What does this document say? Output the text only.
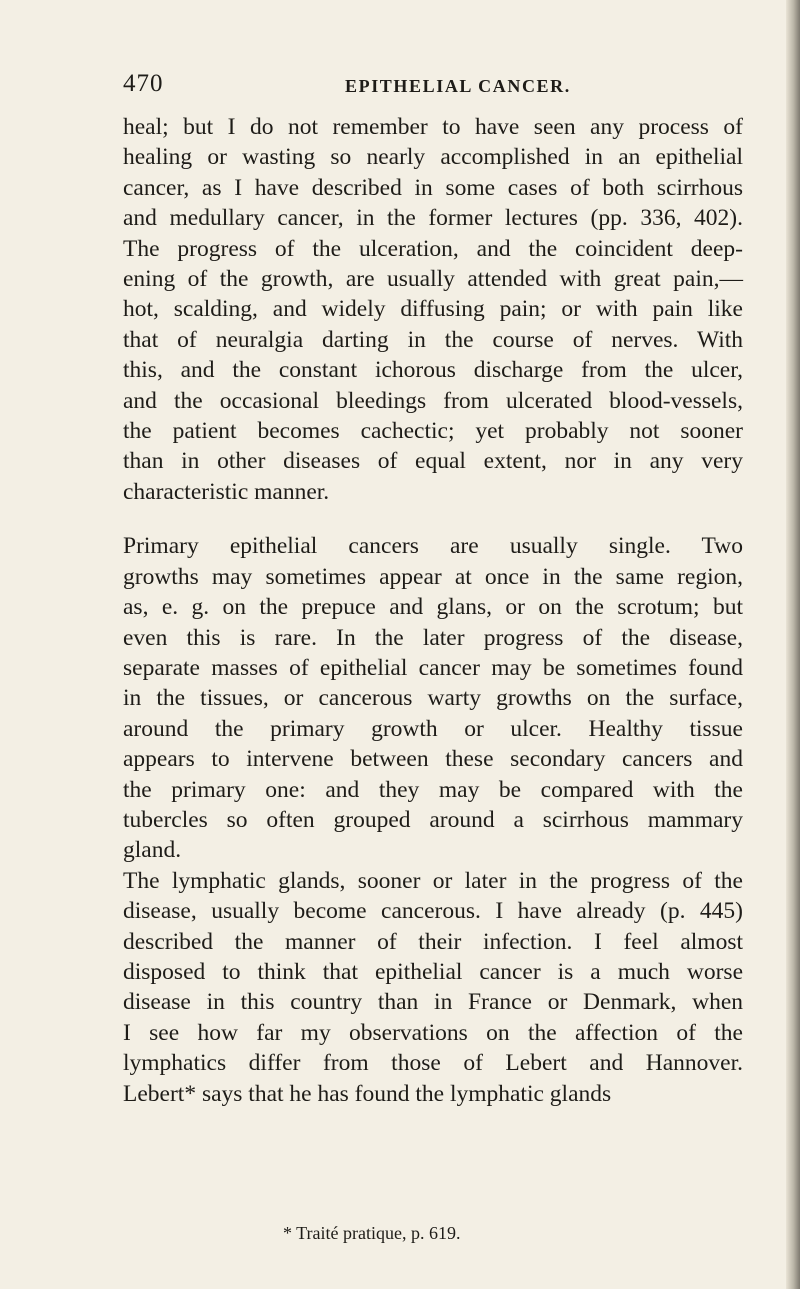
470	EPITHELIAL CANCER.
heal; but I do not remember to have seen any process of
healing or wasting so nearly accomplished in an epithelial
cancer, as I have described in some cases of both scirrhous
and medullary cancer, in the former lectures (pp. 336, 402).
The progress of the ulceration, and the coincident deep-
ening of the growth, are usually attended with great pain,—
hot, scalding, and widely diffusing pain; or with pain like
that of neuralgia darting in the course of nerves. With
this, and the constant ichorous discharge from the ulcer,
and the occasional bleedings from ulcerated blood-vessels,
the patient becomes cachectic; yet probably not sooner
than in other diseases of equal extent, nor in any very
characteristic manner.
Primary epithelial cancers are usually single. Two
growths may sometimes appear at once in the same region,
as, e. g. on the prepuce and glans, or on the scrotum; but
even this is rare. In the later progress of the disease,
separate masses of epithelial cancer may be sometimes found
in the tissues, or cancerous warty growths on the surface,
around the primary growth or ulcer. Healthy tissue
appears to intervene between these secondary cancers and
the primary one: and they may be compared with the
tubercles so often grouped around a scirrhous mammary
gland.
The lymphatic glands, sooner or later in the progress of the
disease, usually become cancerous. I have already (p. 445)
described the manner of their infection. I feel almost
disposed to think that epithelial cancer is a much worse
disease in this country than in France or Denmark, when
I see how far my observations on the affection of the
lymphatics differ from those of Lebert and Hannover.
Lebert* says that he has found the lymphatic glands
* Traité pratique, p. 619.
